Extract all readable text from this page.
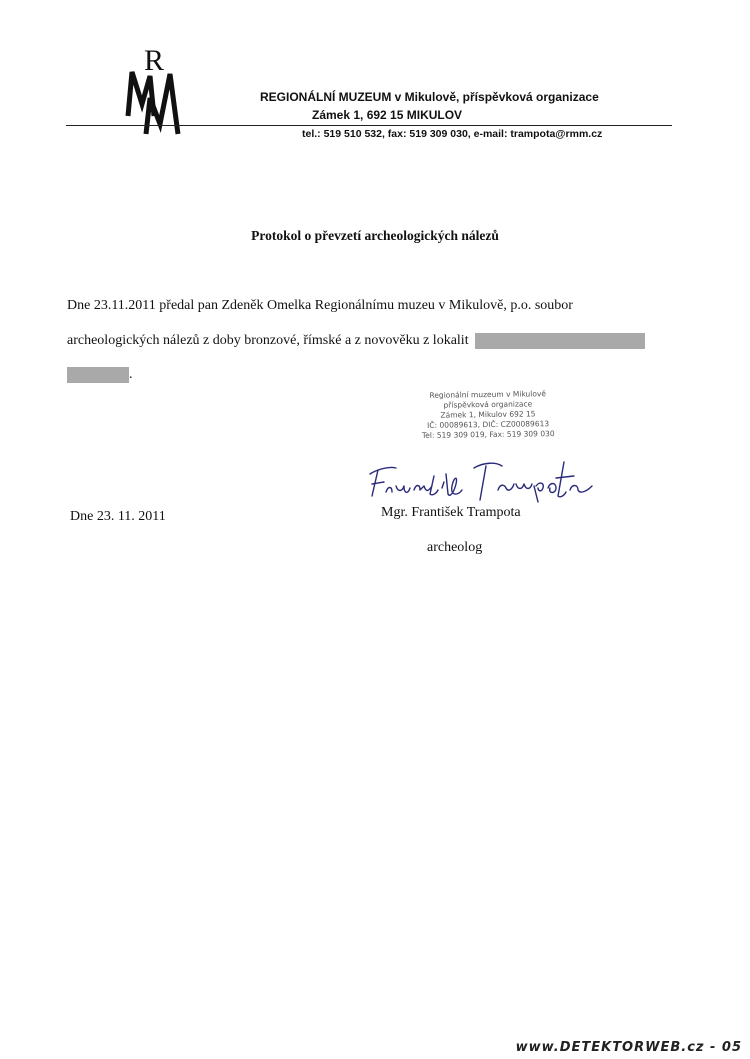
R
REGIONÁLNÍ MUZEUM v Mikulově, příspěvková organizace
Zámek 1, 692 15 MIKULOV
tel.: 519 510 532, fax: 519 309 030, e-mail: trampota@rmm.cz
Protokol o převzetí archeologických nálezů
Dne 23.11.2011 předal pan Zdeněk Omelka Regionálnímu muzeu v Mikulově, p.o. soubor
archeologických nálezů z doby bronzové, římské a z novověku z lokalit
.
Regionální muzeum v Mikulově
příspěvková organizace
Zámek 1, Mikulov 692 15
IČ: 00089613, DIČ: CZ00089613
Tel: 519 309 019, Fax: 519 309 030
Dne 23. 11. 2011	Mgr. František Trampota
archeolog
www.DETEKTORWEB.cz - 05
